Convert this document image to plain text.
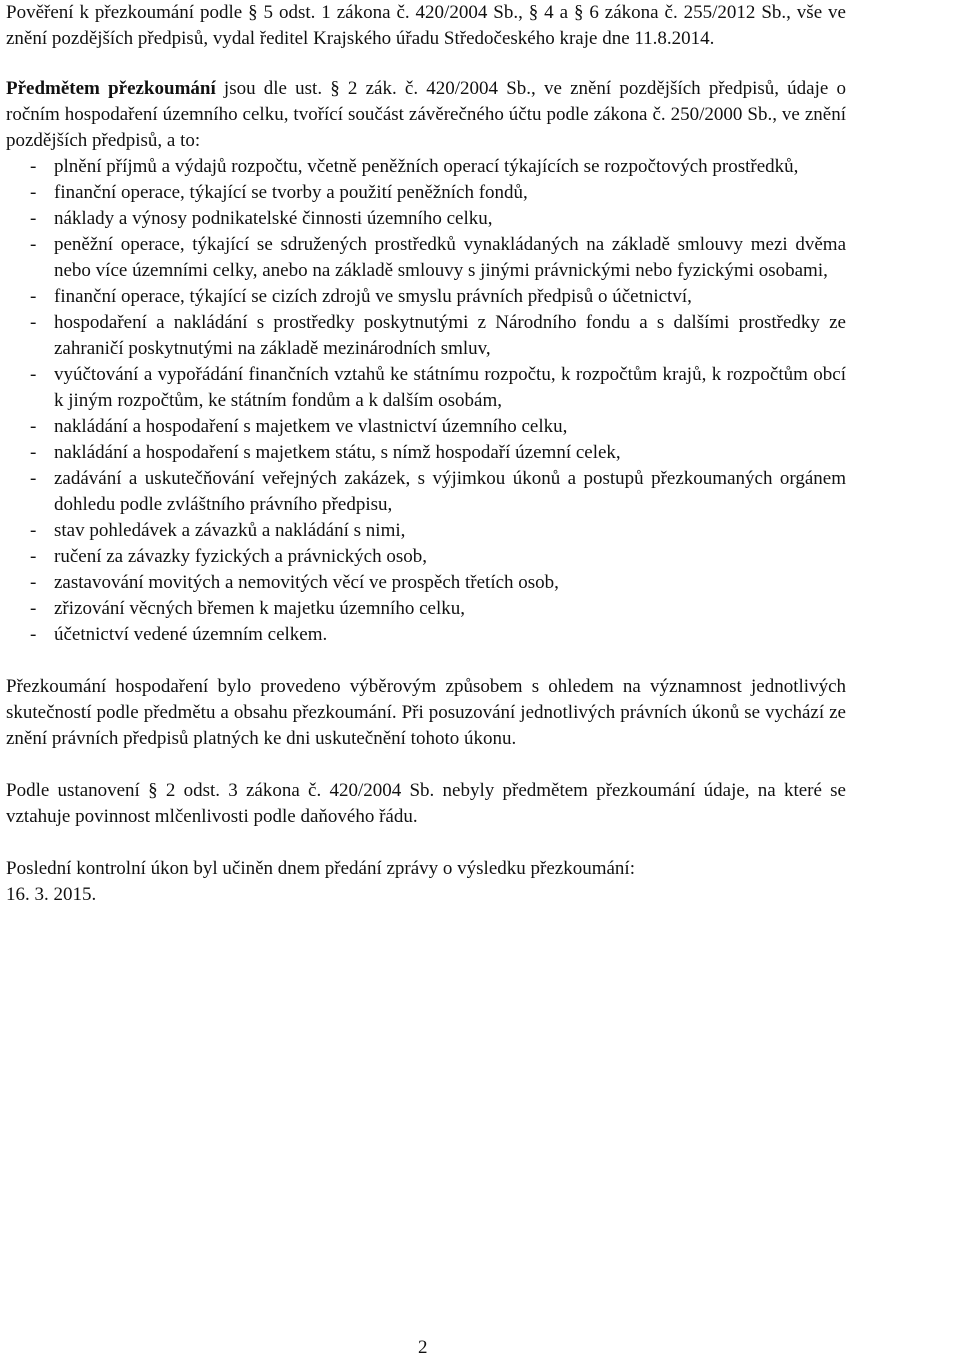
Pověření k přezkoumání podle § 5 odst. 1 zákona č. 420/2004 Sb., § 4 a § 6 zákona č. 255/2012 Sb., vše ve znění pozdějších předpisů, vydal ředitel Krajského úřadu Středočeského kraje dne 11.8.2014.

Předmětem přezkoumání jsou dle ust. § 2 zák. č. 420/2004 Sb., ve znění pozdějších předpisů, údaje o ročním hospodaření územního celku, tvořící součást závěrečného účtu podle zákona č. 250/2000 Sb., ve znění pozdějších předpisů, a to:

- plnění příjmů a výdajů rozpočtu, včetně peněžních operací týkajících se rozpočtových prostředků,
- finanční operace, týkající se tvorby a použití peněžních fondů,
- náklady a výnosy podnikatelské činnosti územního celku,
- peněžní operace, týkající se sdružených prostředků vynakládaných na základě smlouvy mezi dvěma nebo více územními celky, anebo na základě smlouvy s jinými právnickými nebo fyzickými osobami,
- finanční operace, týkající se cizích zdrojů ve smyslu právních předpisů o účetnictví,
- hospodaření a nakládání s prostředky poskytnutými z Národního fondu a s dalšími prostředky ze zahraničí poskytnutými na základě mezinárodních smluv,
- vyúčtování a vypořádání finančních vztahů ke státnímu rozpočtu, k rozpočtům krajů, k rozpočtům obcí k jiným rozpočtům, ke státním fondům a k dalším osobám,
- nakládání a hospodaření s majetkem ve vlastnictví územního celku,
- nakládání a hospodaření s majetkem státu, s nímž hospodaří územní celek,
- zadávání a uskutečňování veřejných zakázek, s výjimkou úkonů a postupů přezkoumaných orgánem dohledu podle zvláštního právního předpisu,
- stav pohledávek a závazků a nakládání s nimi,
- ručení za závazky fyzických a právnických osob,
- zastavování movitých a nemovitých věcí ve prospěch třetích osob,
- zřizování věcných břemen k majetku územního celku,
- účetnictví vedené územním celkem.

Přezkoumání hospodaření bylo provedeno výběrovým způsobem s ohledem na významnost jednotlivých skutečností podle předmětu a obsahu přezkoumání. Při posuzování jednotlivých právních úkonů se vychází ze znění právních předpisů platných ke dni uskutečnění tohoto úkonu.

Podle ustanovení § 2 odst. 3 zákona č. 420/2004 Sb. nebyly předmětem přezkoumání údaje, na které se vztahuje povinnost mlčenlivosti podle daňového řádu.

Poslední kontrolní úkon byl učiněn dnem předání zprávy o výsledku přezkoumání:
16. 3. 2015.

2
